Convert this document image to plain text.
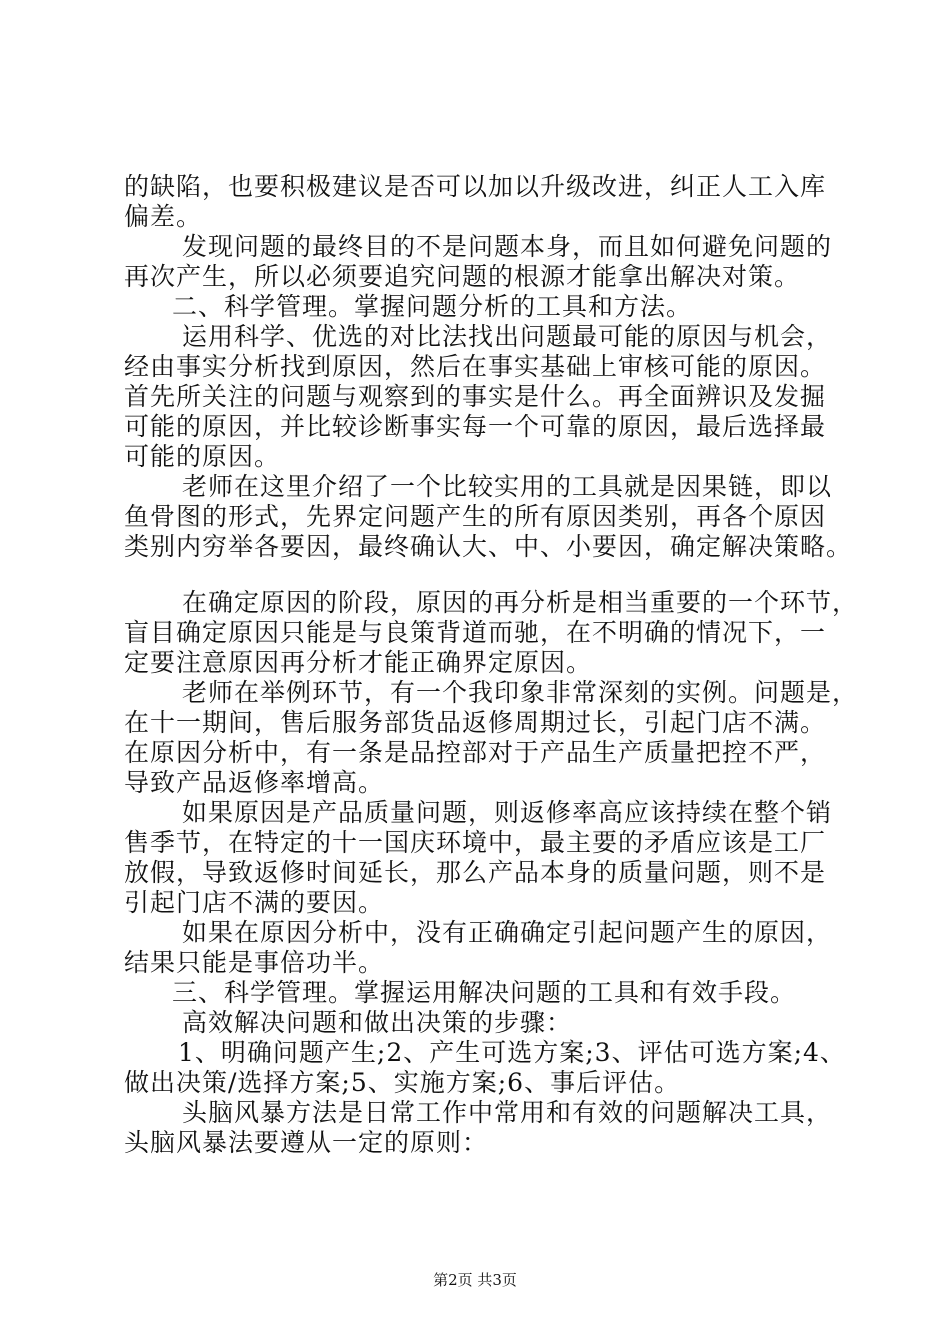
的缺陷，也要积极建议是否可以加以升级改进，纠正人工入库
偏差。
发现问题的最终目的不是问题本身，而且如何避免问题的
再次产生，所以必须要追究问题的根源才能拿出解决对策。
二、科学管理。掌握问题分析的工具和方法。
运用科学、优选的对比法找出问题最可能的原因与机会，
经由事实分析找到原因，然后在事实基础上审核可能的原因。
首先所关注的问题与观察到的事实是什么。再全面辨识及发掘
可能的原因，并比较诊断事实每一个可靠的原因，最后选择最
可能的原因。
老师在这里介绍了一个比较实用的工具就是因果链，即以
鱼骨图的形式，先界定问题产生的所有原因类别，再各个原因
类别内穷举各要因，最终确认大、中、小要因，确定解决策略。
在确定原因的阶段，原因的再分析是相当重要的一个环节，
盲目确定原因只能是与良策背道而驰，在不明确的情况下，一
定要注意原因再分析才能正确界定原因。
老师在举例环节，有一个我印象非常深刻的实例。问题是，
在十一期间，售后服务部货品返修周期过长，引起门店不满。
在原因分析中，有一条是品控部对于产品生产质量把控不严，
导致产品返修率增高。
如果原因是产品质量问题，则返修率高应该持续在整个销
售季节，在特定的十一国庆环境中，最主要的矛盾应该是工厂
放假，导致返修时间延长，那么产品本身的质量问题，则不是
引起门店不满的要因。
如果在原因分析中，没有正确确定引起问题产生的原因，
结果只能是事倍功半。
三、科学管理。掌握运用解决问题的工具和有效手段。
高效解决问题和做出决策的步骤：
1、明确问题产生;2、产生可选方案;3、评估可选方案;4、
做出决策/选择方案;5、实施方案;6、事后评估。
头脑风暴方法是日常工作中常用和有效的问题解决工具，
头脑风暴法要遵从一定的原则：
第2页 共3页
